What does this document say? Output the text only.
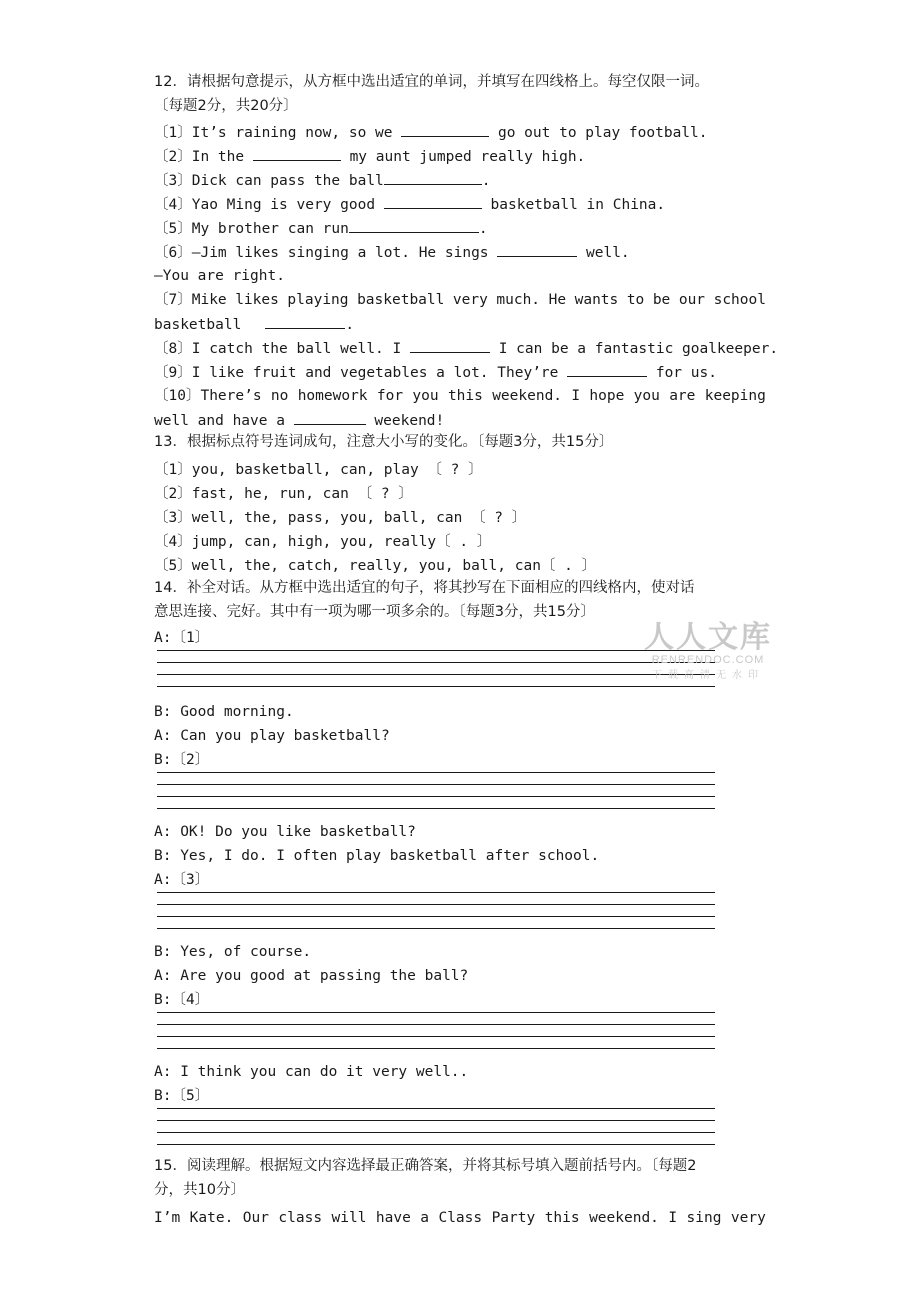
12．请根据句意提示，从方框中选出适宜的单词，并填写在四线格上。每空仅限一词。
〔每题2分，共20分〕
〔1〕It’s raining now, so we	go out to play football.
〔2〕In the	my aunt jumped really high.
〔3〕Dick can pass the ball	.
〔4〕Yao Ming is very good	basketball in China.
〔5〕My brother can run	.
〔6〕—Jim likes singing a lot. He sings	well.
—You are right.
〔7〕Mike likes playing basketball very much. He wants to be our school
basketball	.
〔8〕I catch the ball well. I	I can be a fantastic goalkeeper.
〔9〕I like fruit and vegetables a lot. They’re	for us.
〔10〕There’s no homework for you this weekend. I hope you are keeping
well and have a	weekend!
13．根据标点符号连词成句，注意大小写的变化。〔每题3分，共15分〕
〔1〕you, basketball, can, play 〔 ? 〕
〔2〕fast, he, run, can 〔 ? 〕
〔3〕well, the, pass, you, ball, can 〔 ? 〕
〔4〕jump, can, high, you, really〔 . 〕
〔5〕well, the, catch, really, you, ball, can〔 . 〕
14．补全对话。从方框中选出适宜的句子，将其抄写在下面相应的四线格内，使对话
意思连接、完好。其中有一项为哪一项多余的。〔每题3分，共15分〕
A:〔1〕
B: Good morning.
A: Can you play basketball?
B:〔2〕
A: OK! Do you like basketball?
B: Yes, I do. I often play basketball after school.
A:〔3〕
B: Yes, of course.
A: Are you good at passing the ball?
B:〔4〕
A: I think you can do it very well..
B:〔5〕
15．阅读理解。根据短文内容选择最正确答案，并将其标号填入题前括号内。〔每题2
分，共10分〕
I’m Kate. Our class will have a Class Party this weekend. I sing very
人人文库
RENRENDOC.COM
下载高清无水印
